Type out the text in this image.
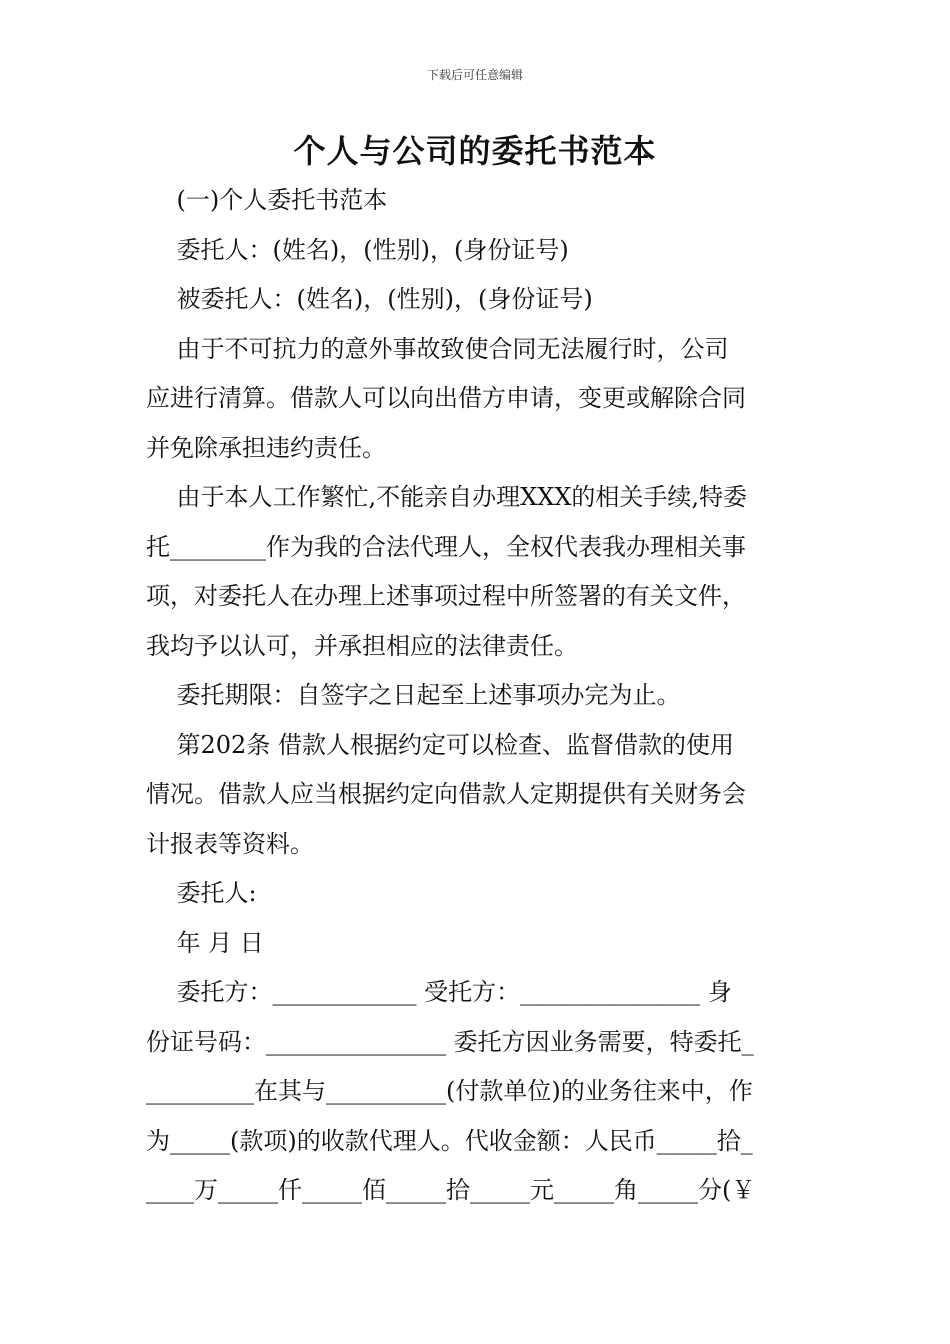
下载后可任意编辑
个人与公司的委托书范本
(一)个人委托书范本
委托人：(姓名)，(性别)，(身份证号)
被委托人：(姓名)，(性别)，(身份证号)
由于不可抗力的意外事故致使合同无法履行时，公司
应进行清算。借款人可以向出借方申请，变更或解除合同
并免除承担违约责任。
由于本人工作繁忙,不能亲自办理XXX的相关手续,特委
托________作为我的合法代理人，全权代表我办理相关事
项，对委托人在办理上述事项过程中所签署的有关文件，
我均予以认可，并承担相应的法律责任。
委托期限：自签字之日起至上述事项办完为止。
第202条 借款人根据约定可以检查、监督借款的使用
情况。借款人应当根据约定向借款人定期提供有关财务会
计报表等资料。
委托人:
年 月 日
委托方：____________ 受托方：_______________ 身
份证号码：_______________ 委托方因业务需要，特委托_
_________在其与__________(付款单位)的业务往来中，作
为_____(款项)的收款代理人。代收金额：人民币_____拾_
____万_____仟_____佰_____拾_____元_____角_____分(￥
